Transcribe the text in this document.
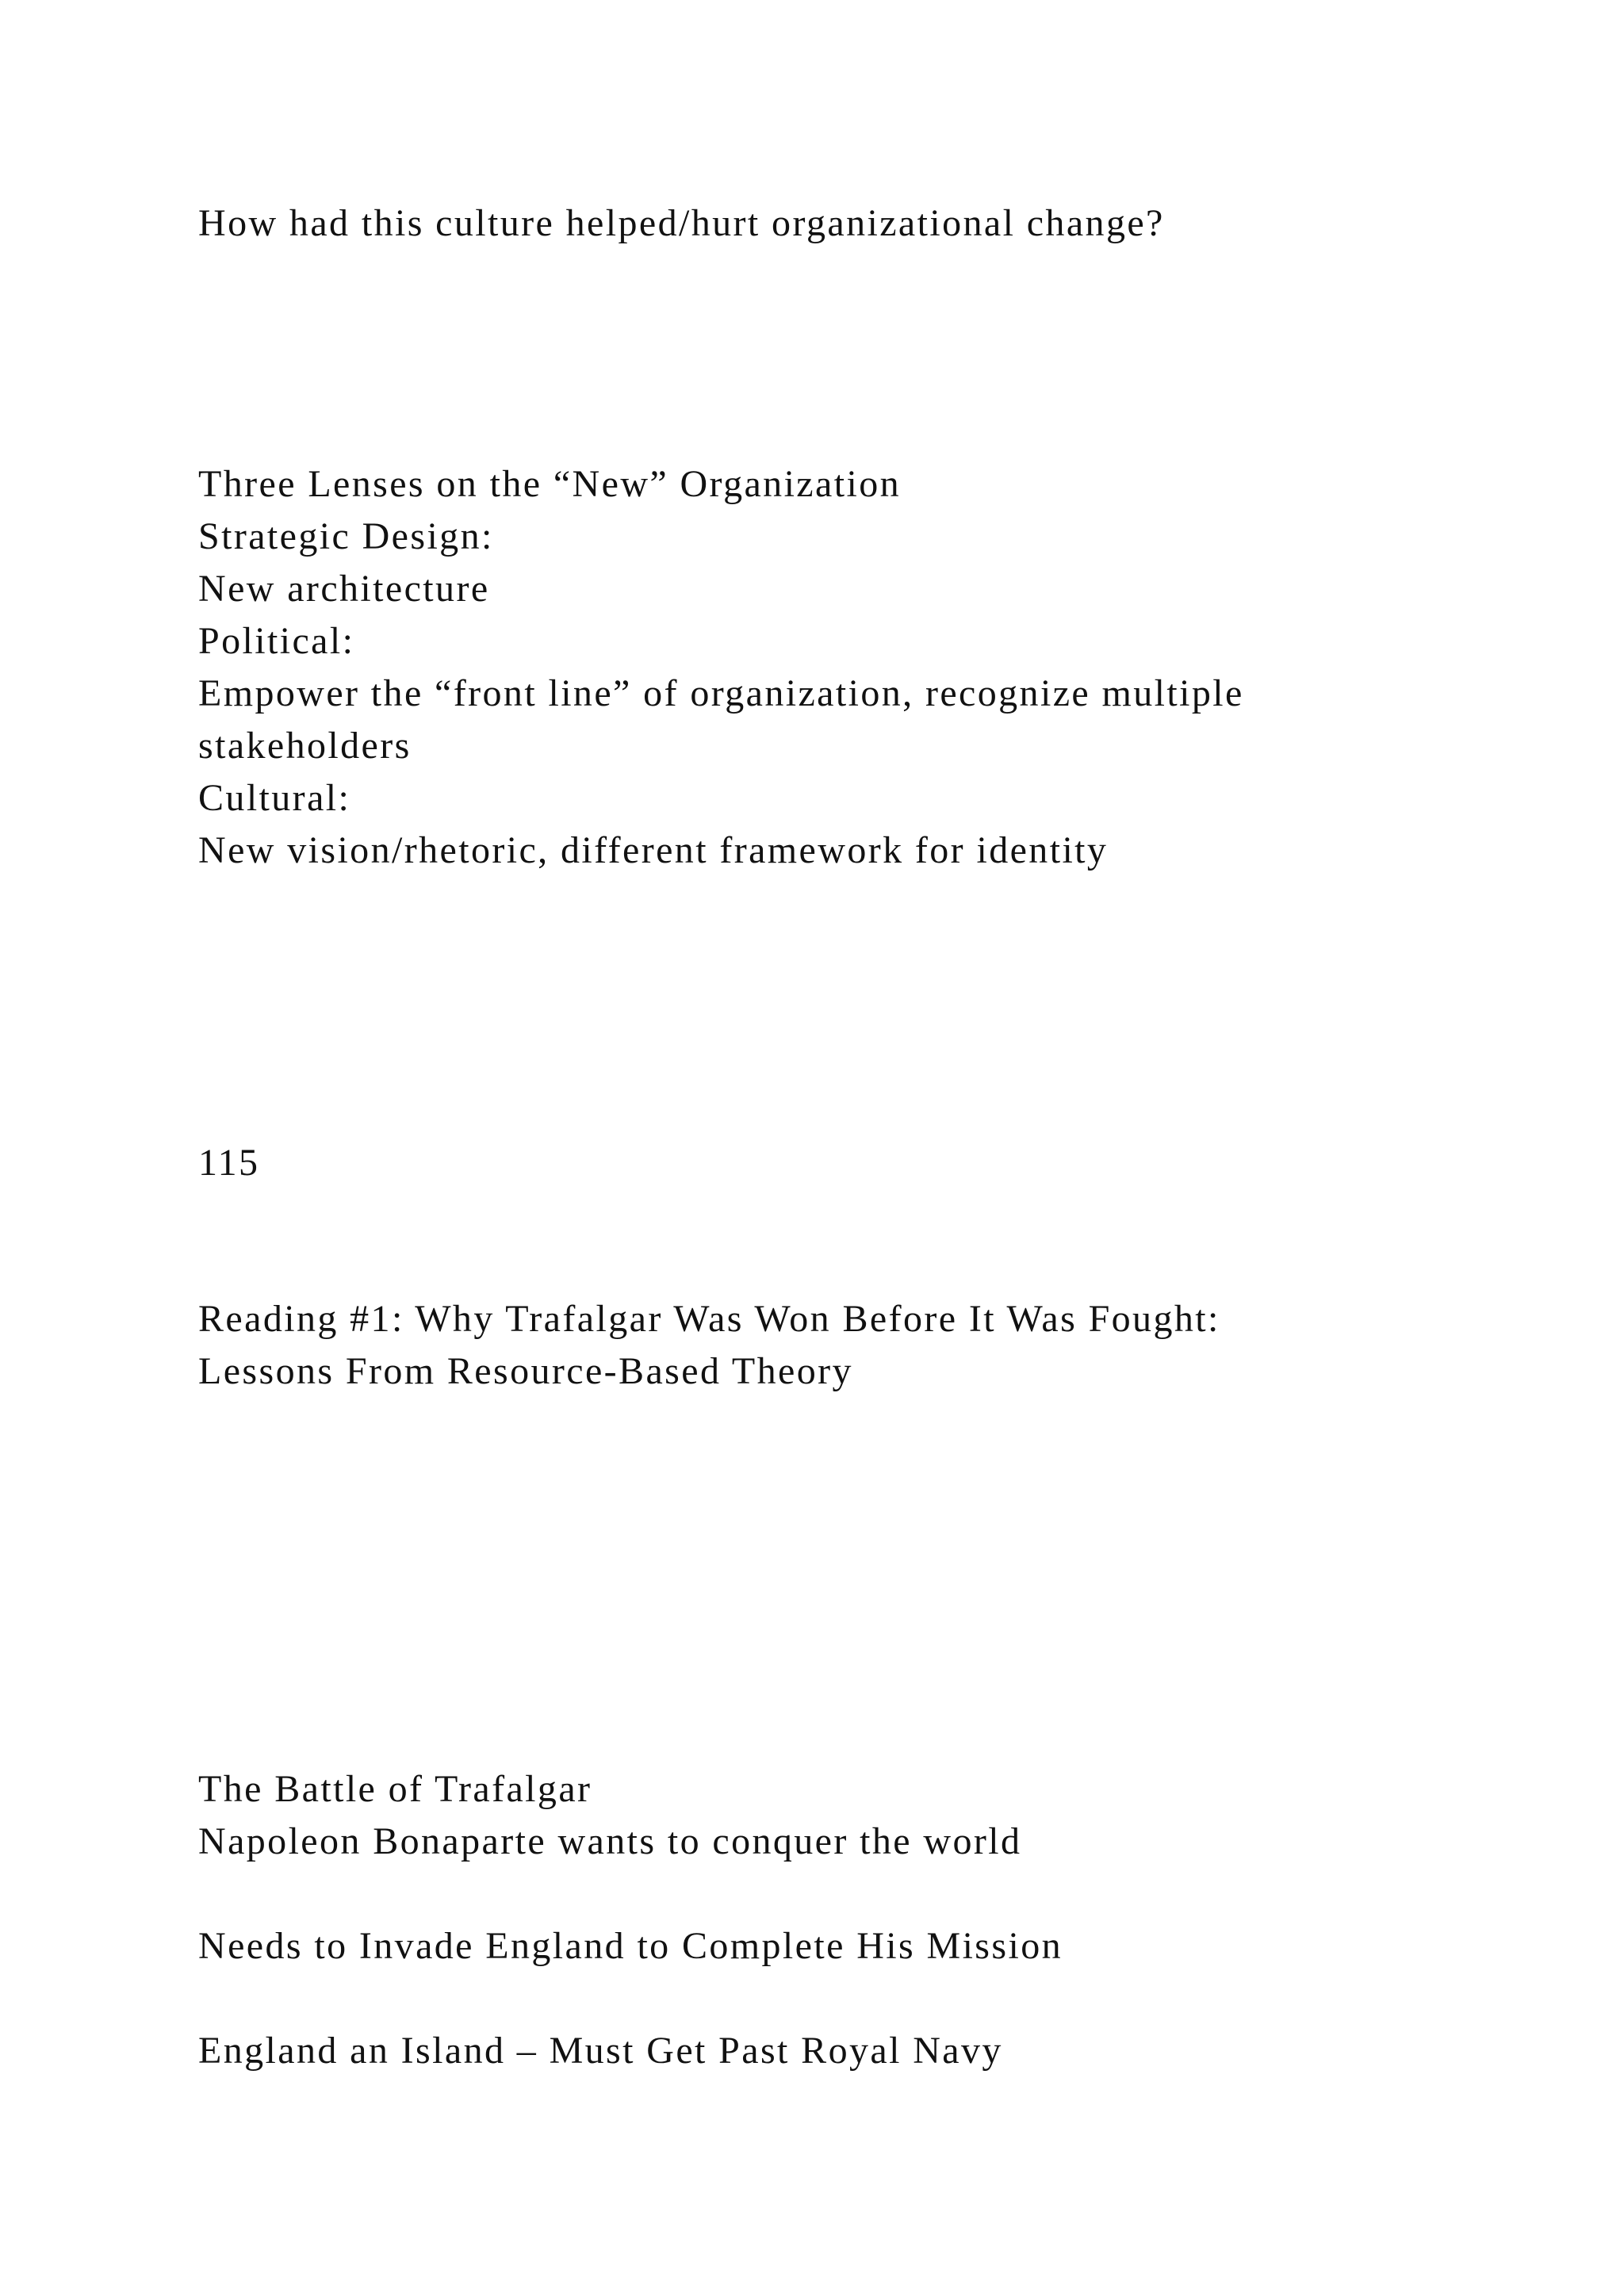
How had this culture helped/hurt organizational change?

Three Lenses on the “New” Organization

Strategic Design:

New architecture

Political:

Empower the “front line” of organization, recognize multiple

stakeholders

Cultural:

New vision/rhetoric, different framework for identity

115

Reading #1: Why Trafalgar Was Won Before It Was Fought:

Lessons From Resource-Based Theory

The Battle of Trafalgar

Napoleon Bonaparte wants to conquer the world

Needs to Invade England to Complete His Mission

England an Island – Must Get Past Royal Navy
